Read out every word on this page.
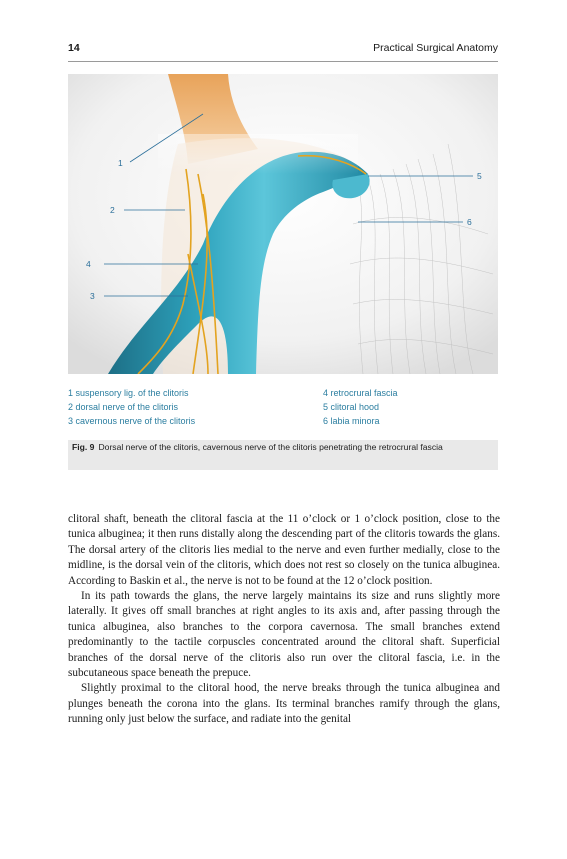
14	Practical Surgical Anatomy
1
2
4
3
5
6
1 suspensory lig. of the clitoris
2 dorsal nerve of the clitoris
3 cavernous nerve of the clitoris
4 retrocrural fascia
5 clitoral hood
6 labia minora
Fig. 9 Dorsal nerve of the clitoris, cavernous nerve of the clitoris penetrating the retrocrural fascia

clitoral shaft, beneath the clitoral fascia at the 11 o’clock or 1 o’clock position, close to the tunica albuginea; it then runs distally along the descending part of the clitoris towards the glans. The dorsal artery of the clitoris lies medial to the nerve and even further medially, close to the midline, is the dorsal vein of the clitoris, which does not rest so closely on the tunica albuginea. According to Baskin et al., the nerve is not to be found at the 12 o’clock position.

In its path towards the glans, the nerve largely maintains its size and runs slightly more laterally. It gives off small branches at right angles to its axis and, after passing through the tunica albuginea, also branches to the corpora cavernosa. The small branches extend predominantly to the tactile corpuscles concentrated around the clitoral shaft. Superficial branches of the dorsal nerve of the clitoris also run over the clitoral fascia, i.e. in the subcutaneous space beneath the prepuce.

Slightly proximal to the clitoral hood, the nerve breaks through the tunica albuginea and plunges beneath the corona into the glans. Its terminal branches ramify through the glans, running only just below the surface, and radiate into the genital
